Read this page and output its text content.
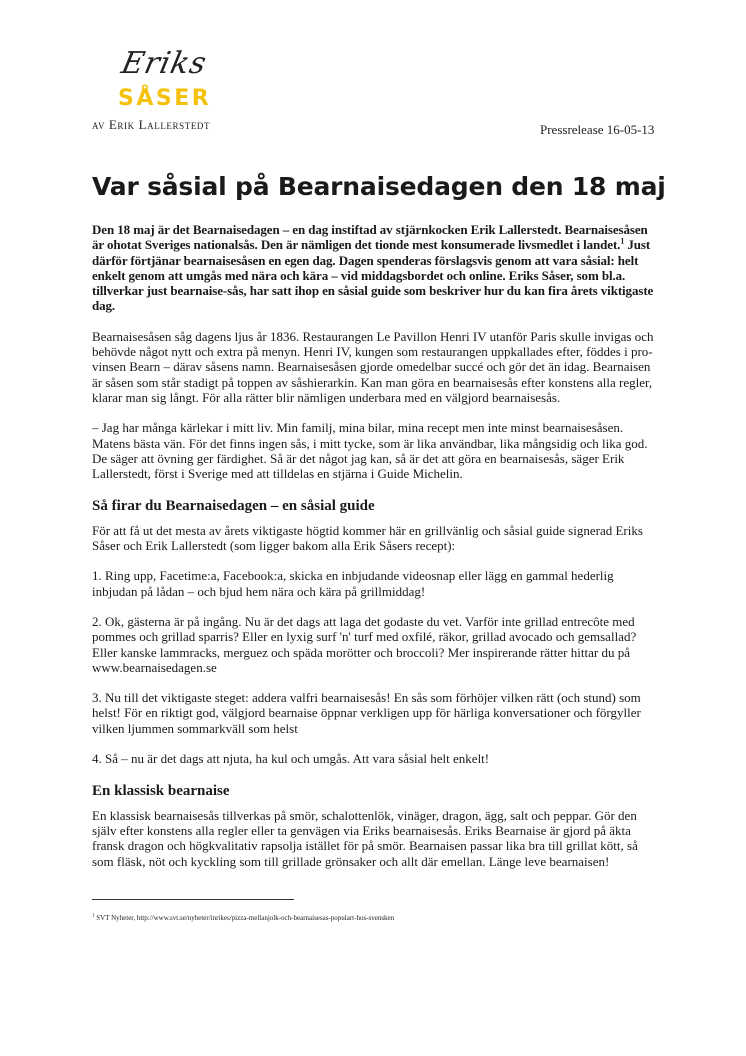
Eriks
SÅSER
av Erik Lallerstedt	Pressrelease 16-05-13
Var såsial på Bearnaisedagen den 18 maj

Den 18 maj är det Bearnaisedagen – en dag instiftad av stjärnkocken Erik Lallerstedt. Bearnaisesåsen är ohotat Sveriges nationalsås. Den är nämligen det tionde mest konsumerade livsmedlet i landet.$^1$ Just därför förtjänar bearnaisesåsen en egen dag. Dagen spenderas förslagsvis genom att vara såsial: helt enkelt genom att umgås med nära och kära – vid middagsbordet och online. Eriks Såser, som bl.a. tillverkar just bearnaise-sås, har satt ihop en såsial guide som beskriver hur du kan fira årets viktigaste dag.

Bearnaisesåsen såg dagens ljus år 1836. Restaurangen Le Pavillon Henri IV utanför Paris skulle invigas och behövde något nytt och extra på menyn. Henri IV, kungen som restaurangen uppkallades efter, föddes i pro-vinsen Bearn – därav såsens namn. Bearnaisesåsen gjorde omedelbar succé och gör det än idag. Bearnaisen är såsen som står stadigt på toppen av såshierarkin. Kan man göra en bearnaisesås efter konstens alla regler, klarar man sig långt. För alla rätter blir nämligen underbara med en välgjord bearnaisesås.

– Jag har många kärlekar i mitt liv. Min familj, mina bilar, mina recept men inte minst bearnaisesåsen. Matens bästa vän. För det finns ingen sås, i mitt tycke, som är lika användbar, lika mångsidig och lika god. De säger att övning ger färdighet. Så är det något jag kan, så är det att göra en bearnaisesås, säger Erik Lallerstedt, först i Sverige med att tilldelas en stjärna i Guide Michelin.

Så firar du Bearnaisedagen – en såsial guide

För att få ut det mesta av årets viktigaste högtid kommer här en grillvänlig och såsial guide signerad Eriks Såser och Erik Lallerstedt (som ligger bakom alla Erik Såsers recept):

1. Ring upp, Facetime:a, Facebook:a, skicka en inbjudande videosnap eller lägg en gammal hederlig inbjudan på lådan – och bjud hem nära och kära på grillmiddag!

2. Ok, gästerna är på ingång. Nu är det dags att laga det godaste du vet. Varför inte grillad entrecôte med pommes och grillad sparris? Eller en lyxig surf 'n' turf med oxfilé, räkor, grillad avocado och gemsallad? Eller kanske lammracks, merguez och späda morötter och broccoli? Mer inspirerande rätter hittar du på www.bearnaisedagen.se

3. Nu till det viktigaste steget: addera valfri bearnaisesås! En sås som förhöjer vilken rätt (och stund) som helst! För en riktigt god, välgjord bearnaise öppnar verkligen upp för härliga konversationer och förgyller vilken ljummen sommarkväll som helst

4. Så – nu är det dags att njuta, ha kul och umgås. Att vara såsial helt enkelt!

En klassisk bearnaise

En klassisk bearnaisesås tillverkas på smör, schalottenlök, vinäger, dragon, ägg, salt och peppar. Gör den själv efter konstens alla regler eller ta genvägen via Eriks bearnaisesås. Eriks Bearnaise är gjord på äkta fransk dragon och högkvalitativ rapsolja istället för på smör. Bearnaisen passar lika bra till grillat kött, så som fläsk, nöt och kyckling som till grillade grönsaker och allt där emellan. Länge leve bearnaisen!

$^1$ SVT Nyheter, http://www.svt.se/nyheter/inrikes/pizza-mellanjolk-och-bearnaisesas-populart-hos-svensken
